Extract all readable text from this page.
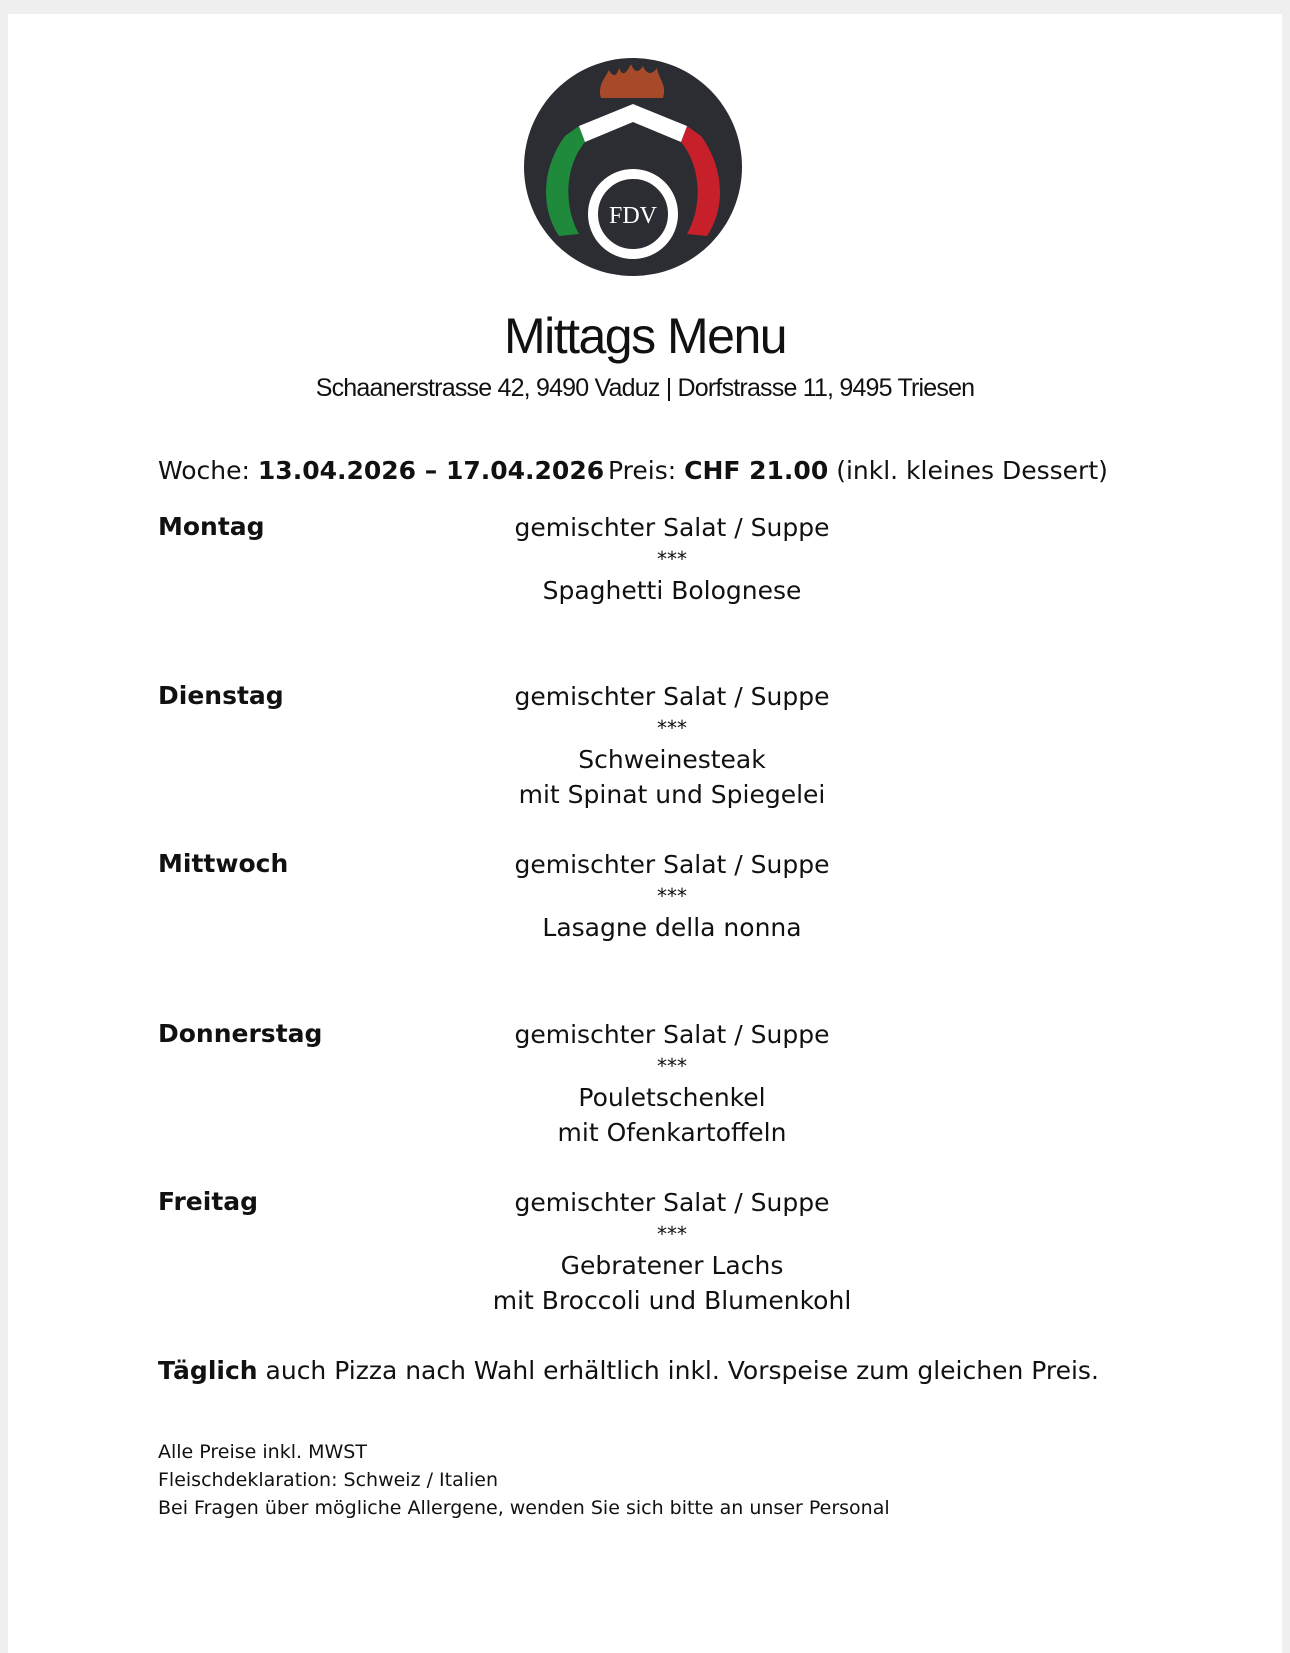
FDV
Mittags Menu
Schaanerstrasse 42, 9490 Vaduz | Dorfstrasse 11, 9495 Triesen
Woche: 13.04.2026 – 17.04.2026 Preis: CHF 21.00 (inkl. kleines Dessert)
Montag	gemischter Salat / Suppe
***
Spaghetti Bolognese
Dienstag	gemischter Salat / Suppe
***
Schweinesteak
mit Spinat und Spiegelei
Mittwoch	gemischter Salat / Suppe
***
Lasagne della nonna
Donnerstag	gemischter Salat / Suppe
***
Pouletschenkel
mit Ofenkartoffeln
Freitag	gemischter Salat / Suppe
***
Gebratener Lachs
mit Broccoli und Blumenkohl
Täglich auch Pizza nach Wahl erhältlich inkl. Vorspeise zum gleichen Preis.
Alle Preise inkl. MWST
Fleischdeklaration: Schweiz / Italien
Bei Fragen über mögliche Allergene, wenden Sie sich bitte an unser Personal
